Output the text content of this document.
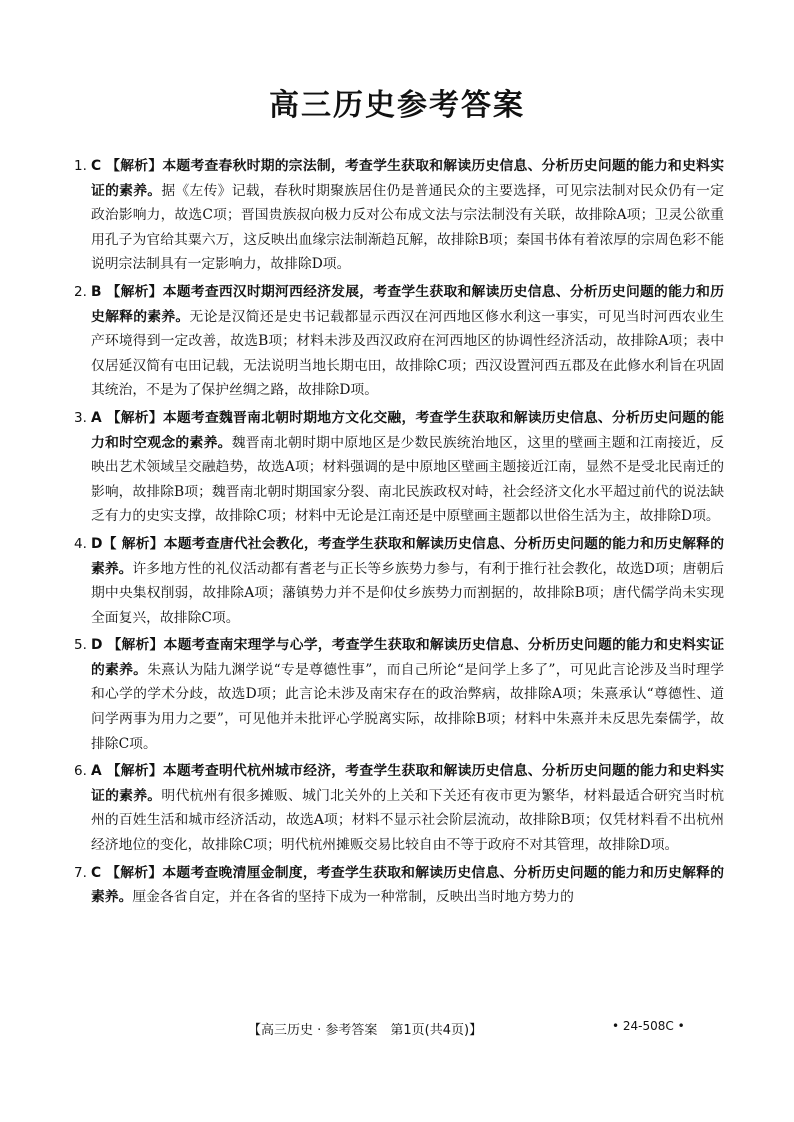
高三历史参考答案
1. C 【解析】本题考查春秋时期的宗法制，考查学生获取和解读历史信息、分析历史问题的能力和史料实证的素养。据《左传》记载，春秋时期聚族居住仍是普通民众的主要选择，可见宗法制对民众仍有一定政治影响力，故选C项；晋国贵族叔向极力反对公布成文法与宗法制没有关联，故排除A项；卫灵公欲重用孔子为官给其粟六万，这反映出血缘宗法制渐趋瓦解，故排除B项；秦国书体有着浓厚的宗周色彩不能说明宗法制具有一定影响力，故排除D项。
2. B 【解析】本题考查西汉时期河西经济发展，考查学生获取和解读历史信息、分析历史问题的能力和历史解释的素养。无论是汉简还是史书记载都显示西汉在河西地区修水利这一事实，可见当时河西农业生产环境得到一定改善，故选B项；材料未涉及西汉政府在河西地区的协调性经济活动，故排除A项；表中仅居延汉简有屯田记载，无法说明当地长期屯田，故排除C项；西汉设置河西五郡及在此修水利旨在巩固其统治，不是为了保护丝绸之路，故排除D项。
3. A 【解析】本题考查魏晋南北朝时期地方文化交融，考查学生获取和解读历史信息、分析历史问题的能力和时空观念的素养。魏晋南北朝时期中原地区是少数民族统治地区，这里的壁画主题和江南接近，反映出艺术领域呈交融趋势，故选A项；材料强调的是中原地区壁画主题接近江南，显然不是受北民南迁的影响，故排除B项；魏晋南北朝时期国家分裂、南北民族政权对峙，社会经济文化水平超过前代的说法缺乏有力的史实支撑，故排除C项；材料中无论是江南还是中原壁画主题都以世俗生活为主，故排除D项。
4. D【 解析】本题考查唐代社会教化，考查学生获取和解读历史信息、分析历史问题的能力和历史解释的素养。许多地方性的礼仪活动都有耆老与正长等乡族势力参与，有利于推行社会教化，故选D项；唐朝后期中央集权削弱，故排除A项；藩镇势力并不是仰仗乡族势力而割据的，故排除B项；唐代儒学尚未实现全面复兴，故排除C项。
5. D 【解析】本题考查南宋理学与心学，考查学生获取和解读历史信息、分析历史问题的能力和史料实证的素养。朱熹认为陆九渊学说“专是尊德性事”，而自己所论“是问学上多了”，可见此言论涉及当时理学和心学的学术分歧，故选D项；此言论未涉及南宋存在的政治弊病，故排除A项；朱熹承认“尊德性、道问学两事为用力之要”，可见他并未批评心学脱离实际，故排除B项；材料中朱熹并未反思先秦儒学，故排除C项。
6. A 【解析】本题考查明代杭州城市经济，考查学生获取和解读历史信息、分析历史问题的能力和史料实证的素养。明代杭州有很多摊贩、城门北关外的上关和下关还有夜市更为繁华，材料最适合研究当时杭州的百姓生活和城市经济活动，故选A项；材料不显示社会阶层流动，故排除B项；仅凭材料看不出杭州经济地位的变化，故排除C项；明代杭州摊贩交易比较自由不等于政府不对其管理，故排除D项。
7. C 【解析】本题考查晚清厘金制度，考查学生获取和解读历史信息、分析历史问题的能力和历史解释的素养。厘金各省自定，并在各省的坚持下成为一种常制，反映出当时地方势力的
【高三历史 · 参考答案　第1页(共4页)】	• 24-508C •
